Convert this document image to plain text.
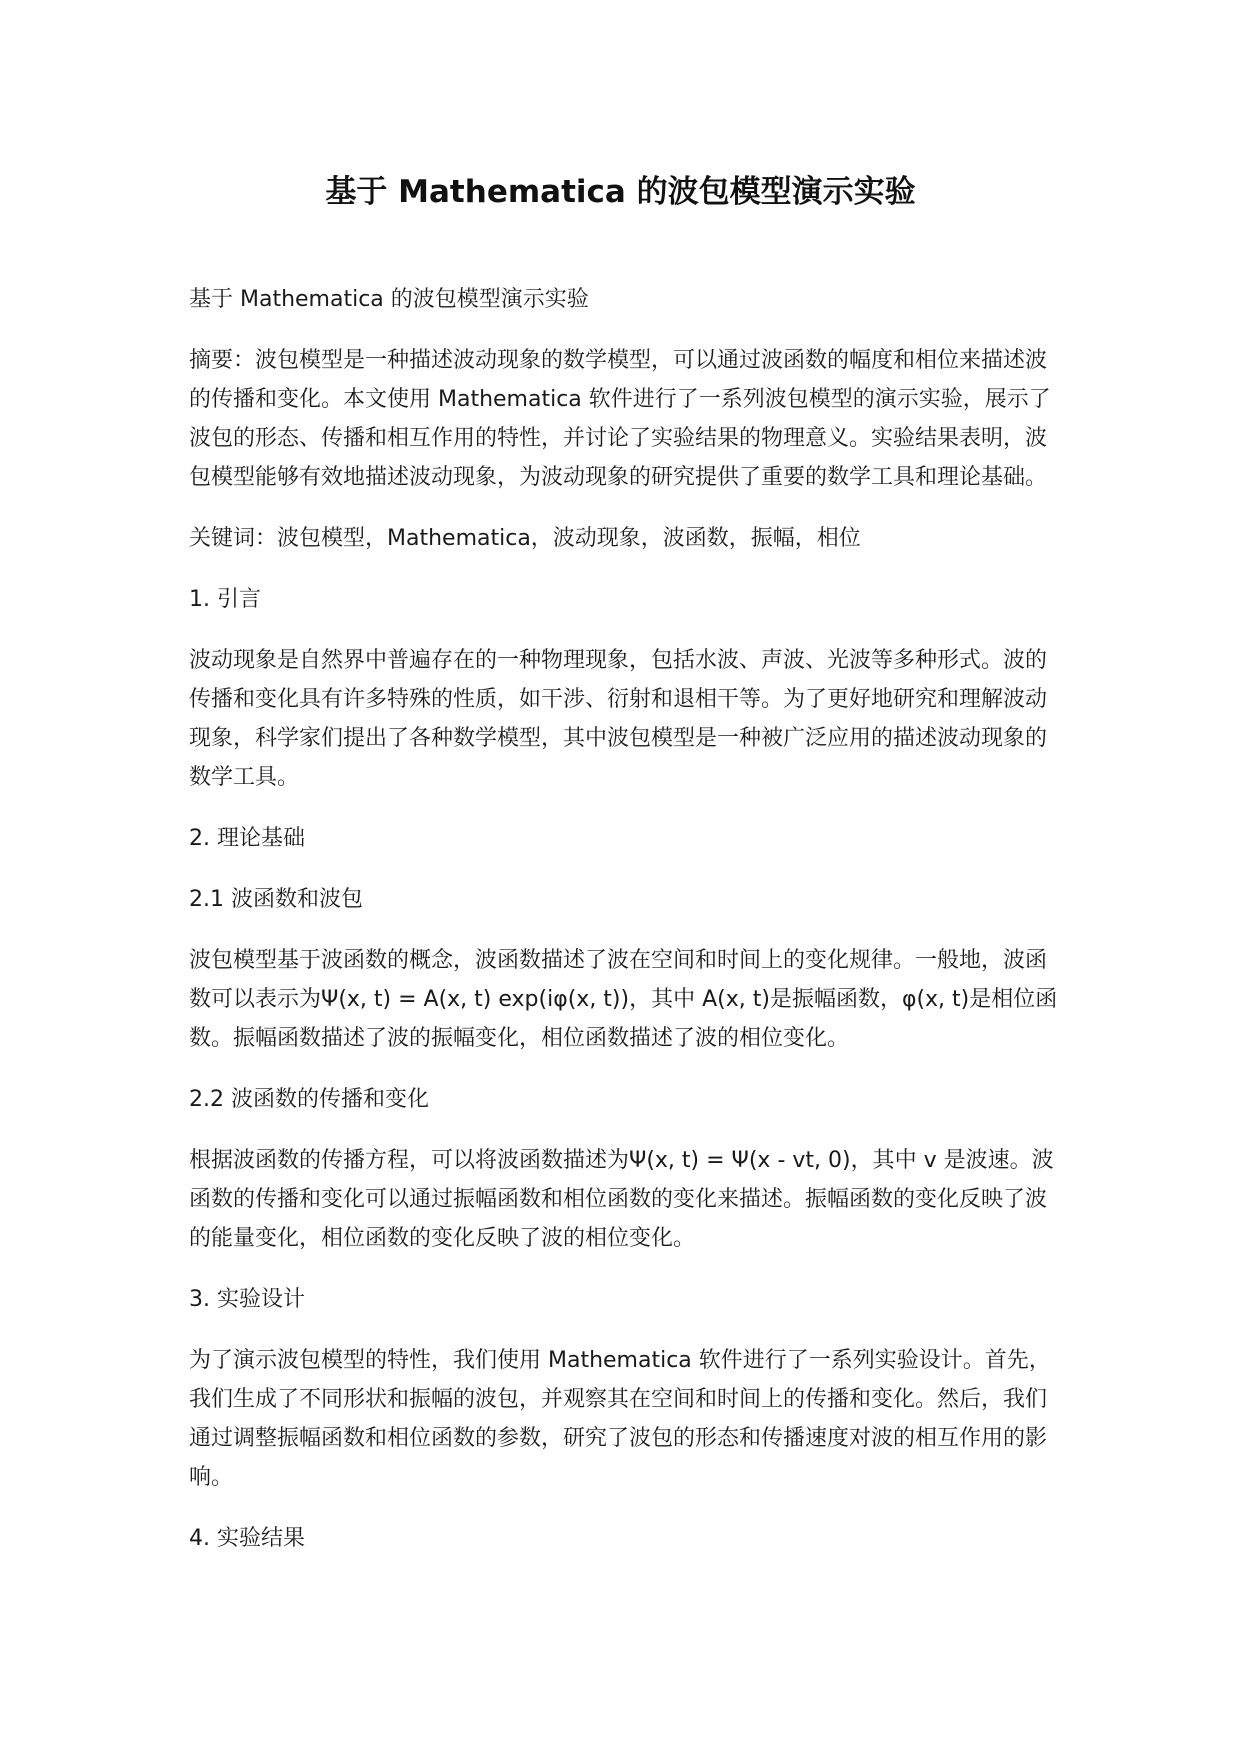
基于 Mathematica 的波包模型演示实验

基于 Mathematica 的波包模型演示实验

摘要：波包模型是一种描述波动现象的数学模型，可以通过波函数的幅度和相位来描述波的传播和变化。本文使用 Mathematica 软件进行了一系列波包模型的演示实验，展示了波包的形态、传播和相互作用的特性，并讨论了实验结果的物理意义。实验结果表明，波包模型能够有效地描述波动现象，为波动现象的研究提供了重要的数学工具和理论基础。

关键词：波包模型，Mathematica，波动现象，波函数，振幅，相位

1. 引言

波动现象是自然界中普遍存在的一种物理现象，包括水波、声波、光波等多种形式。波的传播和变化具有许多特殊的性质，如干涉、衍射和退相干等。为了更好地研究和理解波动现象，科学家们提出了各种数学模型，其中波包模型是一种被广泛应用的描述波动现象的数学工具。

2. 理论基础

2.1 波函数和波包

波包模型基于波函数的概念，波函数描述了波在空间和时间上的变化规律。一般地，波函数可以表示为Ψ(x, t) = A(x, t) exp(iφ(x, t))，其中 A(x, t)是振幅函数，φ(x, t)是相位函数。振幅函数描述了波的振幅变化，相位函数描述了波的相位变化。

2.2 波函数的传播和变化

根据波函数的传播方程，可以将波函数描述为Ψ(x, t) = Ψ(x - vt, 0)，其中 v 是波速。波函数的传播和变化可以通过振幅函数和相位函数的变化来描述。振幅函数的变化反映了波的能量变化，相位函数的变化反映了波的相位变化。

3. 实验设计

为了演示波包模型的特性，我们使用 Mathematica 软件进行了一系列实验设计。首先，我们生成了不同形状和振幅的波包，并观察其在空间和时间上的传播和变化。然后，我们通过调整振幅函数和相位函数的参数，研究了波包的形态和传播速度对波的相互作用的影响。

4. 实验结果
